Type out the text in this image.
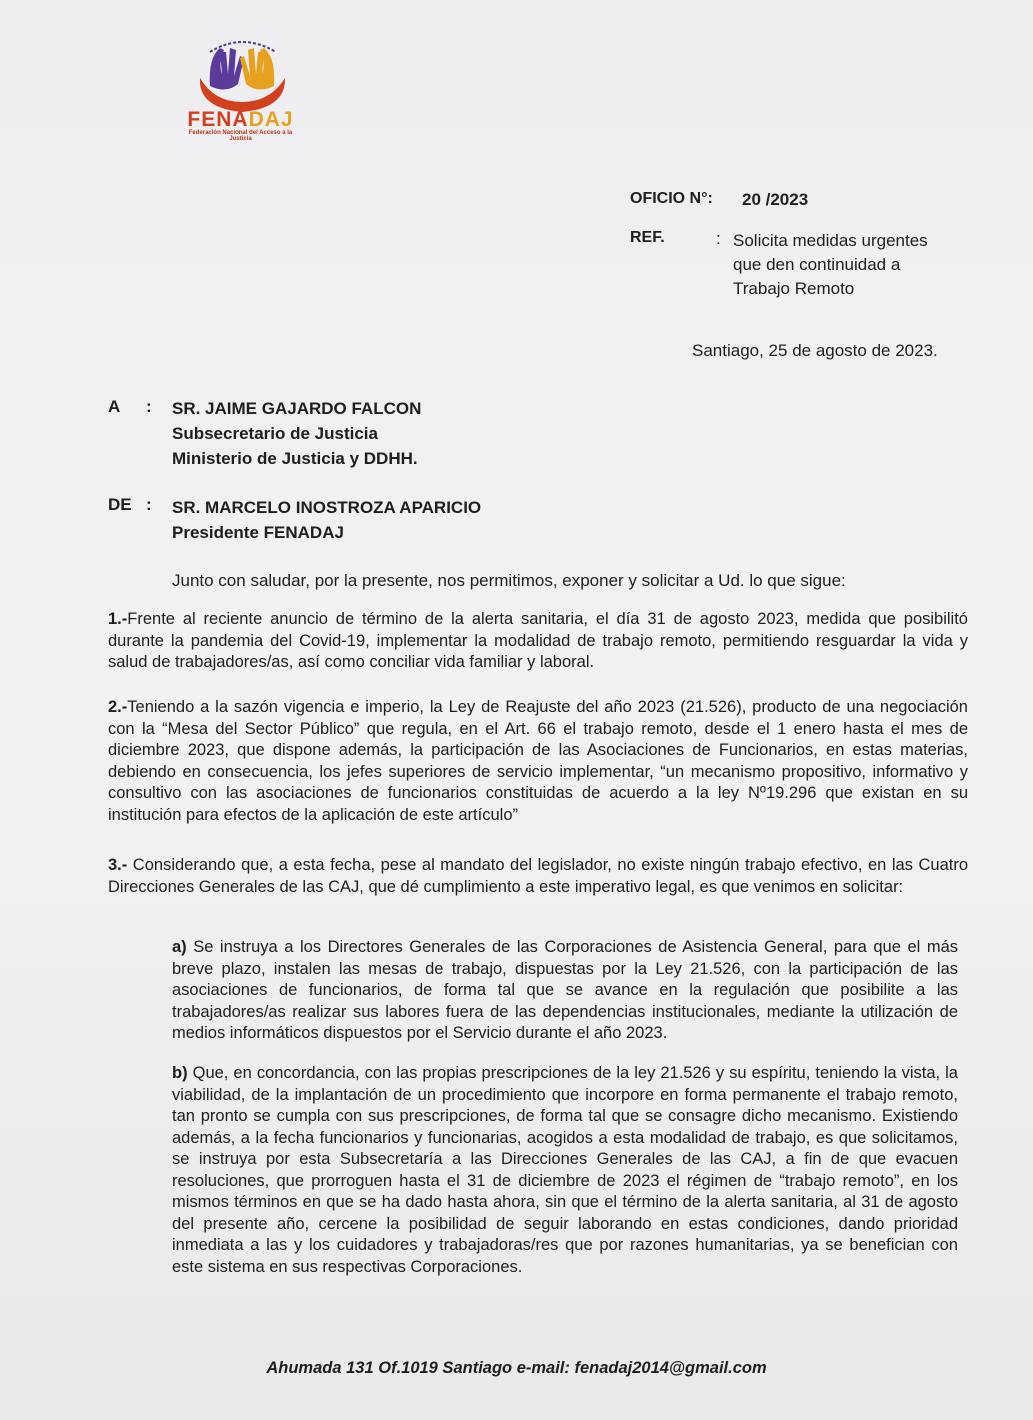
FENADAJ
Federación Nacional del Acceso a la Justicia
OFICIO N°: 20 /2023
REF.	: Solicita medidas urgentes
que den continuidad a
Trabajo Remoto
Santiago, 25 de agosto de 2023.
A : SR. JAIME GAJARDO FALCON
Subsecretario de Justicia
Ministerio de Justicia y DDHH.
DE : SR. MARCELO INOSTROZA APARICIO
Presidente FENADAJ
Junto con saludar, por la presente, nos permitimos, exponer y solicitar a Ud. lo que sigue:

1.-Frente al reciente anuncio de término de la alerta sanitaria, el día 31 de agosto 2023, medida que posibilitó durante la pandemia del Covid-19, implementar la modalidad de trabajo remoto, permitiendo resguardar la vida y salud de trabajadores/as, así como conciliar vida familiar y laboral.

2.-Teniendo a la sazón vigencia e imperio, la Ley de Reajuste del año 2023 (21.526), producto de una negociación con la “Mesa del Sector Público” que regula, en el Art. 66 el trabajo remoto, desde el 1 enero hasta el mes de diciembre 2023, que dispone además, la participación de las Asociaciones de Funcionarios, en estas materias, debiendo en consecuencia, los jefes superiores de servicio implementar, “un mecanismo propositivo, informativo y consultivo con las asociaciones de funcionarios constituidas de acuerdo a la ley Nº19.296 que existan en su institución para efectos de la aplicación de este artículo”

3.- Considerando que, a esta fecha, pese al mandato del legislador, no existe ningún trabajo efectivo, en las Cuatro Direcciones Generales de las CAJ, que dé cumplimiento a este imperativo legal, es que venimos en solicitar:

a) Se instruya a los Directores Generales de las Corporaciones de Asistencia General, para que el más breve plazo, instalen las mesas de trabajo, dispuestas por la Ley 21.526, con la participación de las asociaciones de funcionarios, de forma tal que se avance en la regulación que posibilite a las trabajadores/as realizar sus labores fuera de las dependencias institucionales, mediante la utilización de medios informáticos dispuestos por el Servicio durante el año 2023.
b) Que, en concordancia, con las propias prescripciones de la ley 21.526 y su espíritu, teniendo la vista, la viabilidad, de la implantación de un procedimiento que incorpore en forma permanente el trabajo remoto, tan pronto se cumpla con sus prescripciones, de forma tal que se consagre dicho mecanismo. Existiendo además, a la fecha funcionarios y funcionarias, acogidos a esta modalidad de trabajo, es que solicitamos, se instruya por esta Subsecretaría a las Direcciones Generales de las CAJ, a fin de que evacuen resoluciones, que prorroguen hasta el 31 de diciembre de 2023 el régimen de “trabajo remoto”, en los mismos términos en que se ha dado hasta ahora, sin que el término de la alerta sanitaria, al 31 de agosto del presente año, cercene la posibilidad de seguir laborando en estas condiciones, dando prioridad inmediata a las y los cuidadores y trabajadoras/res que por razones humanitarias, ya se benefician con este sistema en sus respectivas Corporaciones.
Ahumada 131 Of.1019 Santiago e-mail: fenadaj2014@gmail.com
